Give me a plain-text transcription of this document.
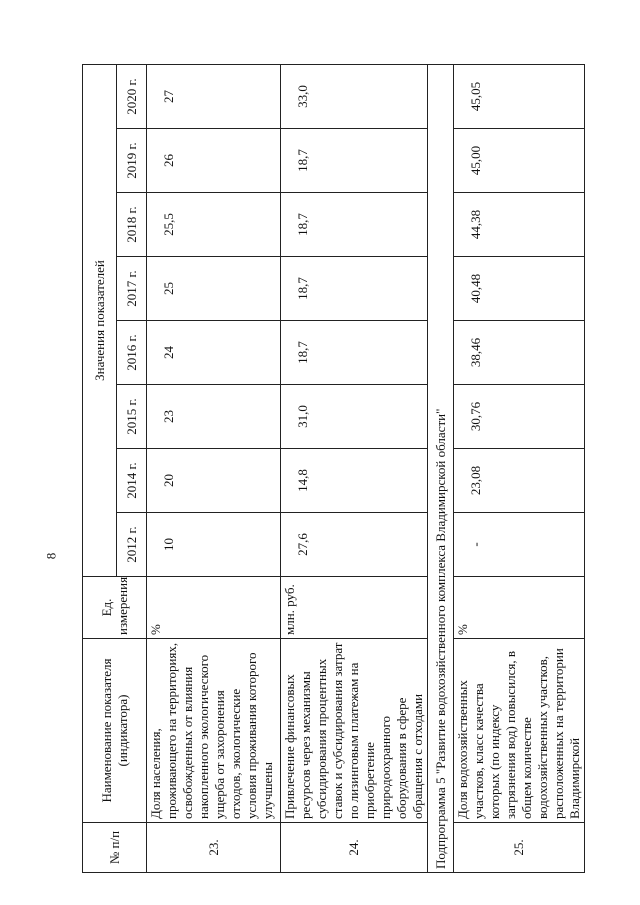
8
№ п/п	Наименование показателя (индикатора)	Ед. измерения	Значения показателей							
			2012 г.	2014 г.	2015 г.	2016 г.	2017 г.	2018 г.	2019 г.	2020 г.
23.	Доля населения, проживающего на территориях, освобожденных от влияния накопленного экологического ущерба от захоронения отходов, экологические условия проживания которого улучшены	%	10	20	23	24	25	25,5	26	27
24.	Привлечение финансовых ресурсов через механизмы субсидирования процентных ставок и субсидирования затрат по лизинговым платежам на приобретение природоохранного оборудования в сфере обращения с отходами	млн. руб.	27,6	14,8	31,0	18,7	18,7	18,7	18,7	33,0
Подпрограмма 5 "Развитие водохозяйственного комплекса Владимирской области"										
25.	Доля водохозяйственных участков, класс качества которых (по индексу загрязнения вод) повысился, в общем количестве водохозяйственных участков, расположенных на территории Владимирской	%	-	23,08	30,76	38,46	40,48	44,38	45,00	45,05
